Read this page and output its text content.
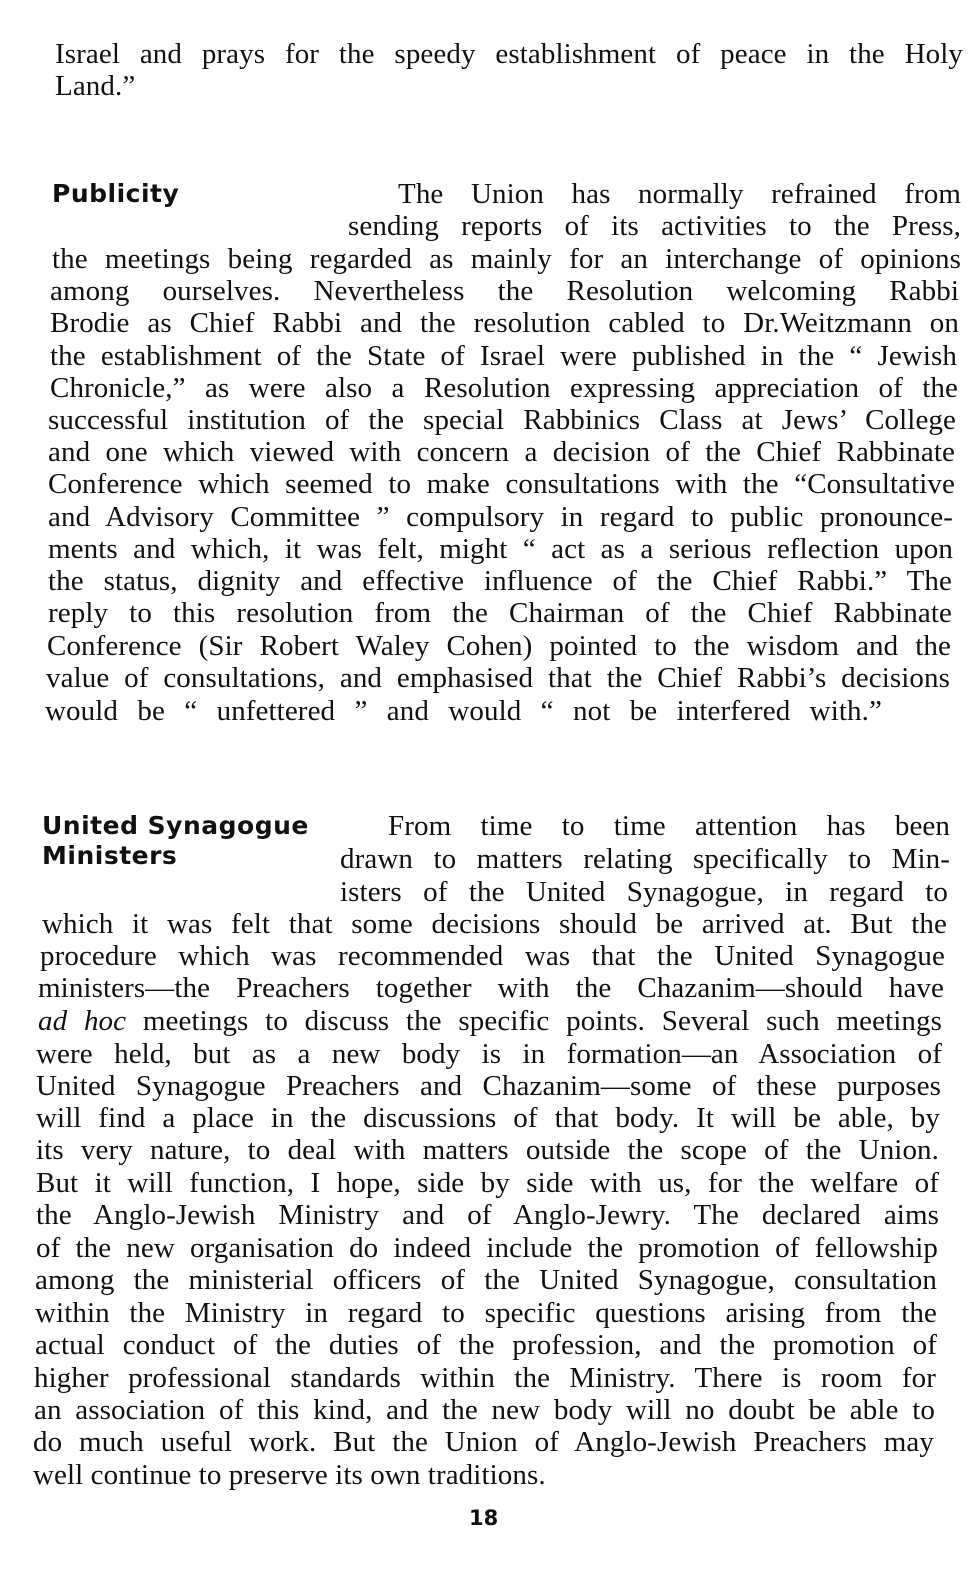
Israel and prays for the speedy establishment of peace in the Holy
Land.”
Publicity	The Union has normally refrained from
sending reports of its activities to the Press,
the meetings being regarded as mainly for an interchange of opinions
among ourselves. Nevertheless the Resolution welcoming Rabbi
Brodie as Chief Rabbi and the resolution cabled to Dr.Weitzmann on
the establishment of the State of Israel were published in the “ Jewish
Chronicle,” as were also a Resolution expressing appreciation of the
successful institution of the special Rabbinics Class at Jews’ College
and one which viewed with concern a decision of the Chief Rabbinate
Conference which seemed to make consultations with the “Consultative
and Advisory Committee ” compulsory in regard to public pronounce-
ments and which, it was felt, might “ act as a serious reflection upon
the status, dignity and effective influence of the Chief Rabbi.” The
reply to this resolution from the Chairman of the Chief Rabbinate
Conference (Sir Robert Waley Cohen) pointed to the wisdom and the
value of consultations, and emphasised that the Chief Rabbi’s decisions
would be “ unfettered ” and would “ not be interfered with.”
United Synagogue
Ministers
From time to time attention has been
drawn to matters relating specifically to Min-
isters of the United Synagogue, in regard to
which it was felt that some decisions should be arrived at. But the
procedure which was recommended was that the United Synagogue
ministers—the Preachers together with the Chazanim—should have
ad hoc meetings to discuss the specific points. Several such meetings
were held, but as a new body is in formation—an Association of
United Synagogue Preachers and Chazanim—some of these purposes
will find a place in the discussions of that body. It will be able, by
its very nature, to deal with matters outside the scope of the Union.
But it will function, I hope, side by side with us, for the welfare of
the Anglo-Jewish Ministry and of Anglo-Jewry. The declared aims
of the new organisation do indeed include the promotion of fellowship
among the ministerial officers of the United Synagogue, consultation
within the Ministry in regard to specific questions arising from the
actual conduct of the duties of the profession, and the promotion of
higher professional standards within the Ministry. There is room for
an association of this kind, and the new body will no doubt be able to
do much useful work. But the Union of Anglo-Jewish Preachers may
well continue to preserve its own traditions.
18
